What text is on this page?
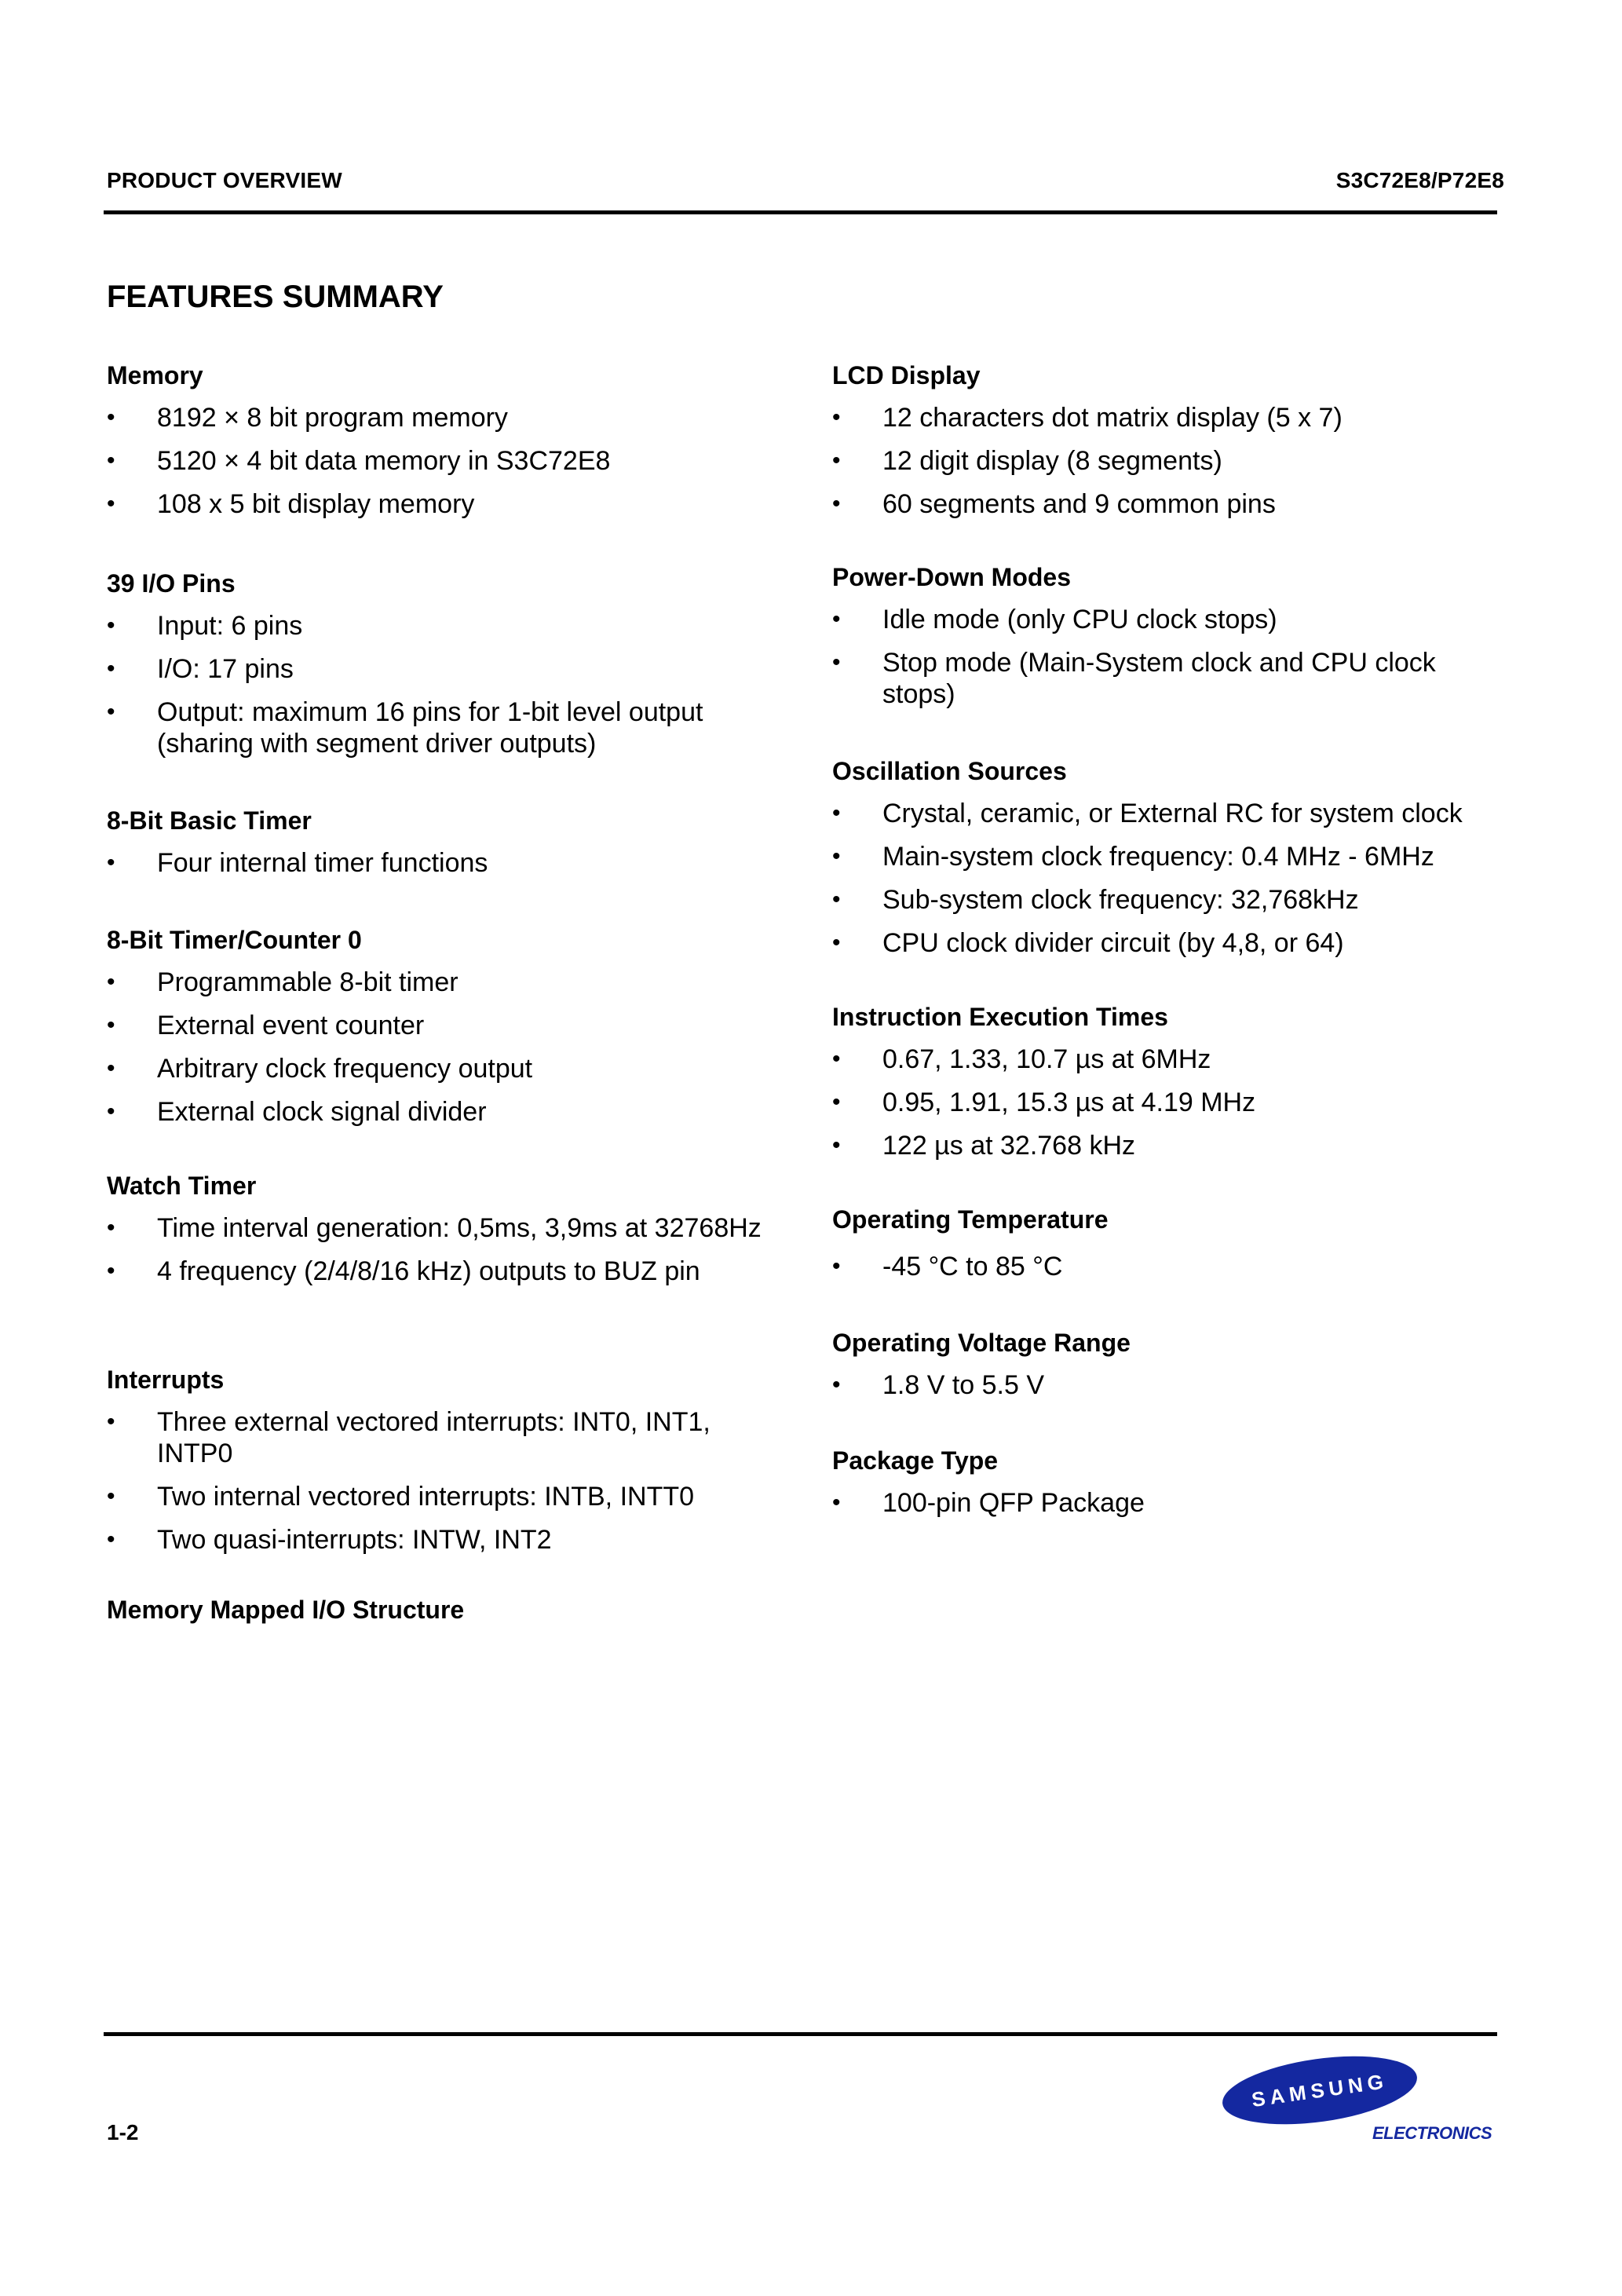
PRODUCT OVERVIEW	S3C72E8/P72E8
FEATURES SUMMARY
Memory
•	8192 × 8 bit program memory
•	5120 × 4 bit data memory in S3C72E8
•	108 x 5 bit display memory
39 I/O Pins
•	Input: 6 pins
•	I/O: 17 pins
•	Output: maximum 16 pins for 1-bit level output (sharing with segment driver outputs)
8-Bit Basic Timer
•	Four internal timer functions
8-Bit Timer/Counter 0
•	Programmable 8-bit timer
•	External event counter
•	Arbitrary clock frequency output
•	External clock signal divider
Watch Timer
•	Time interval generation: 0,5ms, 3,9ms at 32768Hz
•	4 frequency (2/4/8/16 kHz) outputs to BUZ pin
Interrupts
•	Three external vectored interrupts: INT0, INT1, INTP0
•	Two internal vectored interrupts: INTB, INTT0
•	Two quasi-interrupts: INTW, INT2
Memory Mapped I/O Structure
LCD Display
•	12 characters dot matrix display (5 x 7)
•	12 digit display (8 segments)
•	60 segments and 9 common pins
Power-Down Modes
•	Idle mode (only CPU clock stops)
•	Stop mode (Main-System clock and CPU clock stops)
Oscillation Sources
•	Crystal, ceramic, or External RC for system clock
•	Main-system clock frequency: 0.4 MHz - 6MHz
•	Sub-system clock frequency: 32,768kHz
•	CPU clock divider circuit (by 4,8, or 64)
Instruction Execution Times
•	0.67, 1.33, 10.7 µs at 6MHz
•	0.95, 1.91, 15.3 µs at 4.19 MHz
•	122 µs at 32.768 kHz
Operating Temperature
•	-45 °C to 85 °C
Operating Voltage Range
•	1.8 V to 5.5 V
Package Type
•	100-pin QFP Package
1-2
SAMSUNG
ELECTRONICS
